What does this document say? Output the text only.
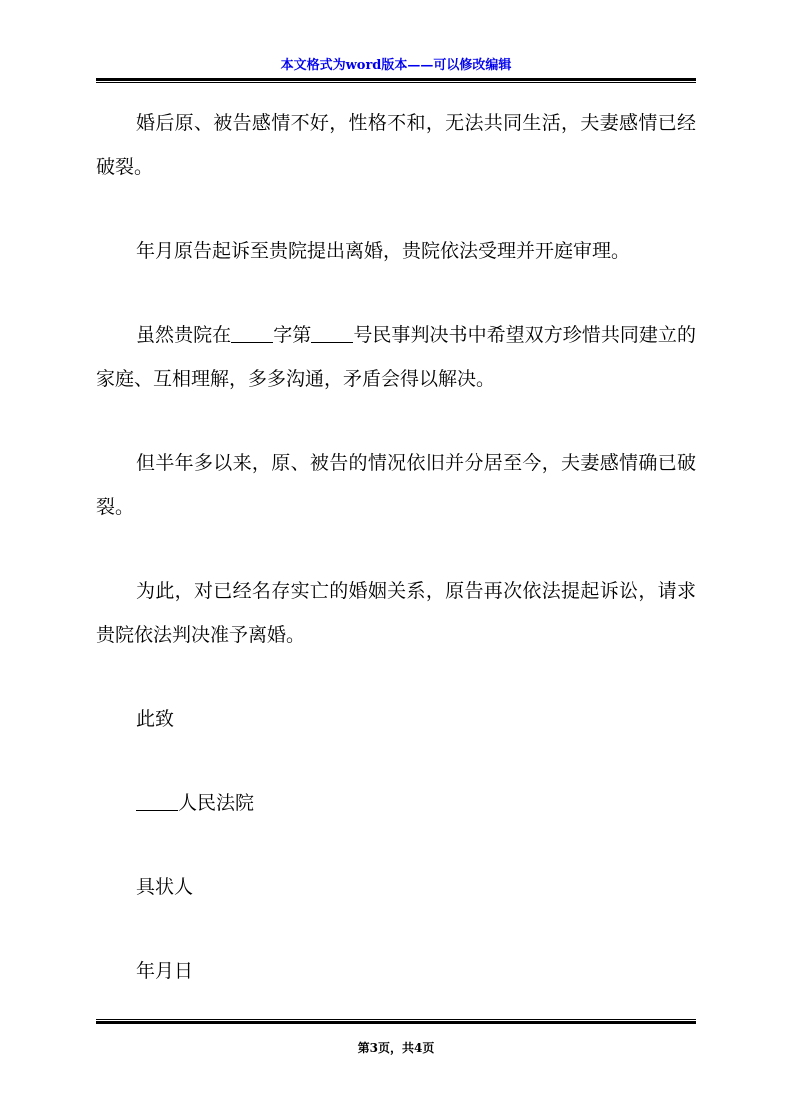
本文格式为word版本——可以修改编辑

婚后原、被告感情不好，性格不和，无法共同生活，夫妻感情已经破裂。

年月原告起诉至贵院提出离婚，贵院依法受理并开庭审理。

虽然贵院在 字第 号民事判决书中希望双方珍惜共同建立的家庭、互相理解，多多沟通，矛盾会得以解决。

但半年多以来，原、被告的情况依旧并分居至今，夫妻感情确已破裂。

为此，对已经名存实亡的婚姻关系，原告再次依法提起诉讼，请求贵院依法判决准予离婚。

此致

人民法院

具状人

年月日

第3页，共4页
